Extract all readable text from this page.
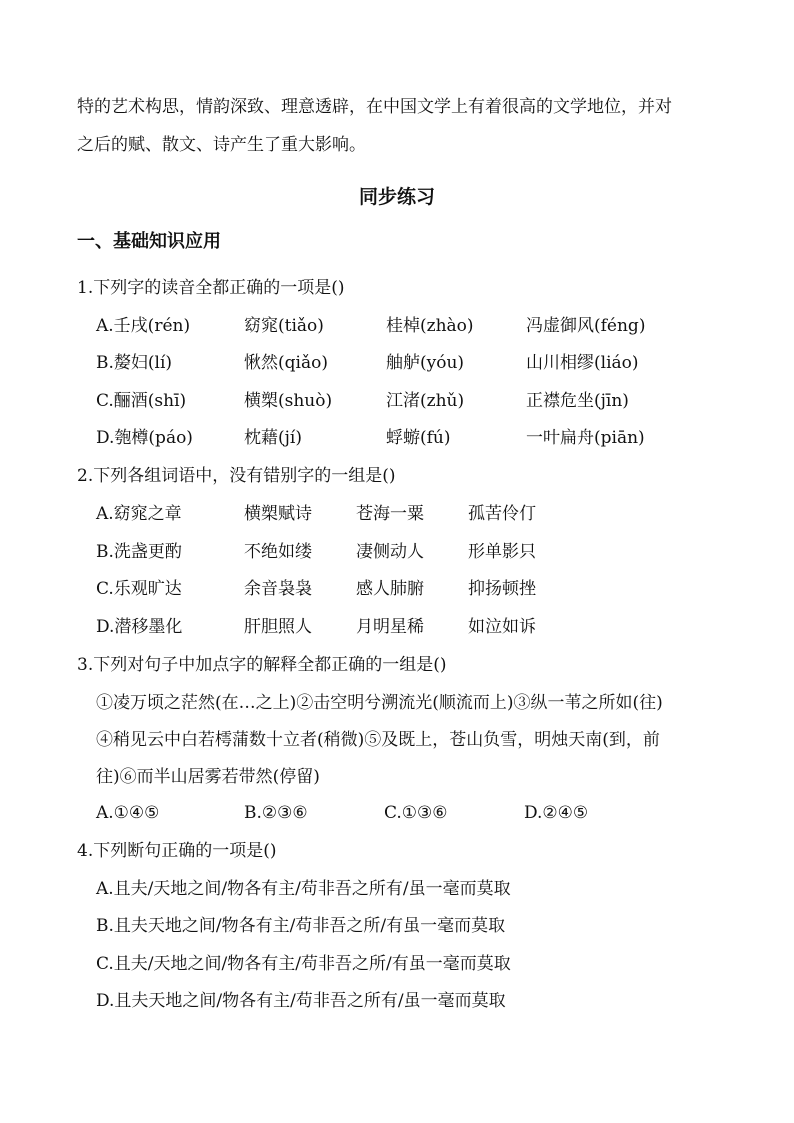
特的艺术构思，情韵深致、理意透辟，在中国文学上有着很高的文学地位，并对
之后的赋、散文、诗产生了重大影响。
同步练习
一、基础知识应用
1.下列字的读音全都正确的一项是()
A.壬戌(rén)	窈窕(tiǎo)	桂棹(zhào)	冯虚御风(féng)
B.嫠妇(lí)	愀然(qiǎo)	舳舻(yóu)	山川相缪(liáo)
C.酾酒(shī)	横槊(shuò)	江渚(zhǔ)	正襟危坐(jīn)
D.匏樽(páo)	枕藉(jí)	蜉蝣(fú)	一叶扁舟(piān)
2.下列各组词语中，没有错别字的一组是()
A.窈窕之章	横槊赋诗	苍海一粟	孤苦伶仃
B.洗盏更酌	不绝如缕	凄侧动人	形单影只
C.乐观旷达	余音袅袅	感人肺腑	抑扬顿挫
D.潜移墨化	肝胆照人	月明星稀	如泣如诉
3.下列对句子中加点字的解释全都正确的一组是()
①凌万顷之茫然(在…之上)②击空明兮溯流光(顺流而上)③纵一苇之所如(往)
④稍见云中白若樗蒲数十立者(稍微)⑤及既上，苍山负雪，明烛天南(到，前
往)⑥而半山居雾若带然(停留)
A.①④⑤	B.②③⑥	C.①③⑥	D.②④⑤
4.下列断句正确的一项是()
A.且夫/天地之间/物各有主/苟非吾之所有/虽一毫而莫取
B.且夫天地之间/物各有主/苟非吾之所/有虽一毫而莫取
C.且夫/天地之间/物各有主/苟非吾之所/有虽一毫而莫取
D.且夫天地之间/物各有主/苟非吾之所有/虽一毫而莫取
